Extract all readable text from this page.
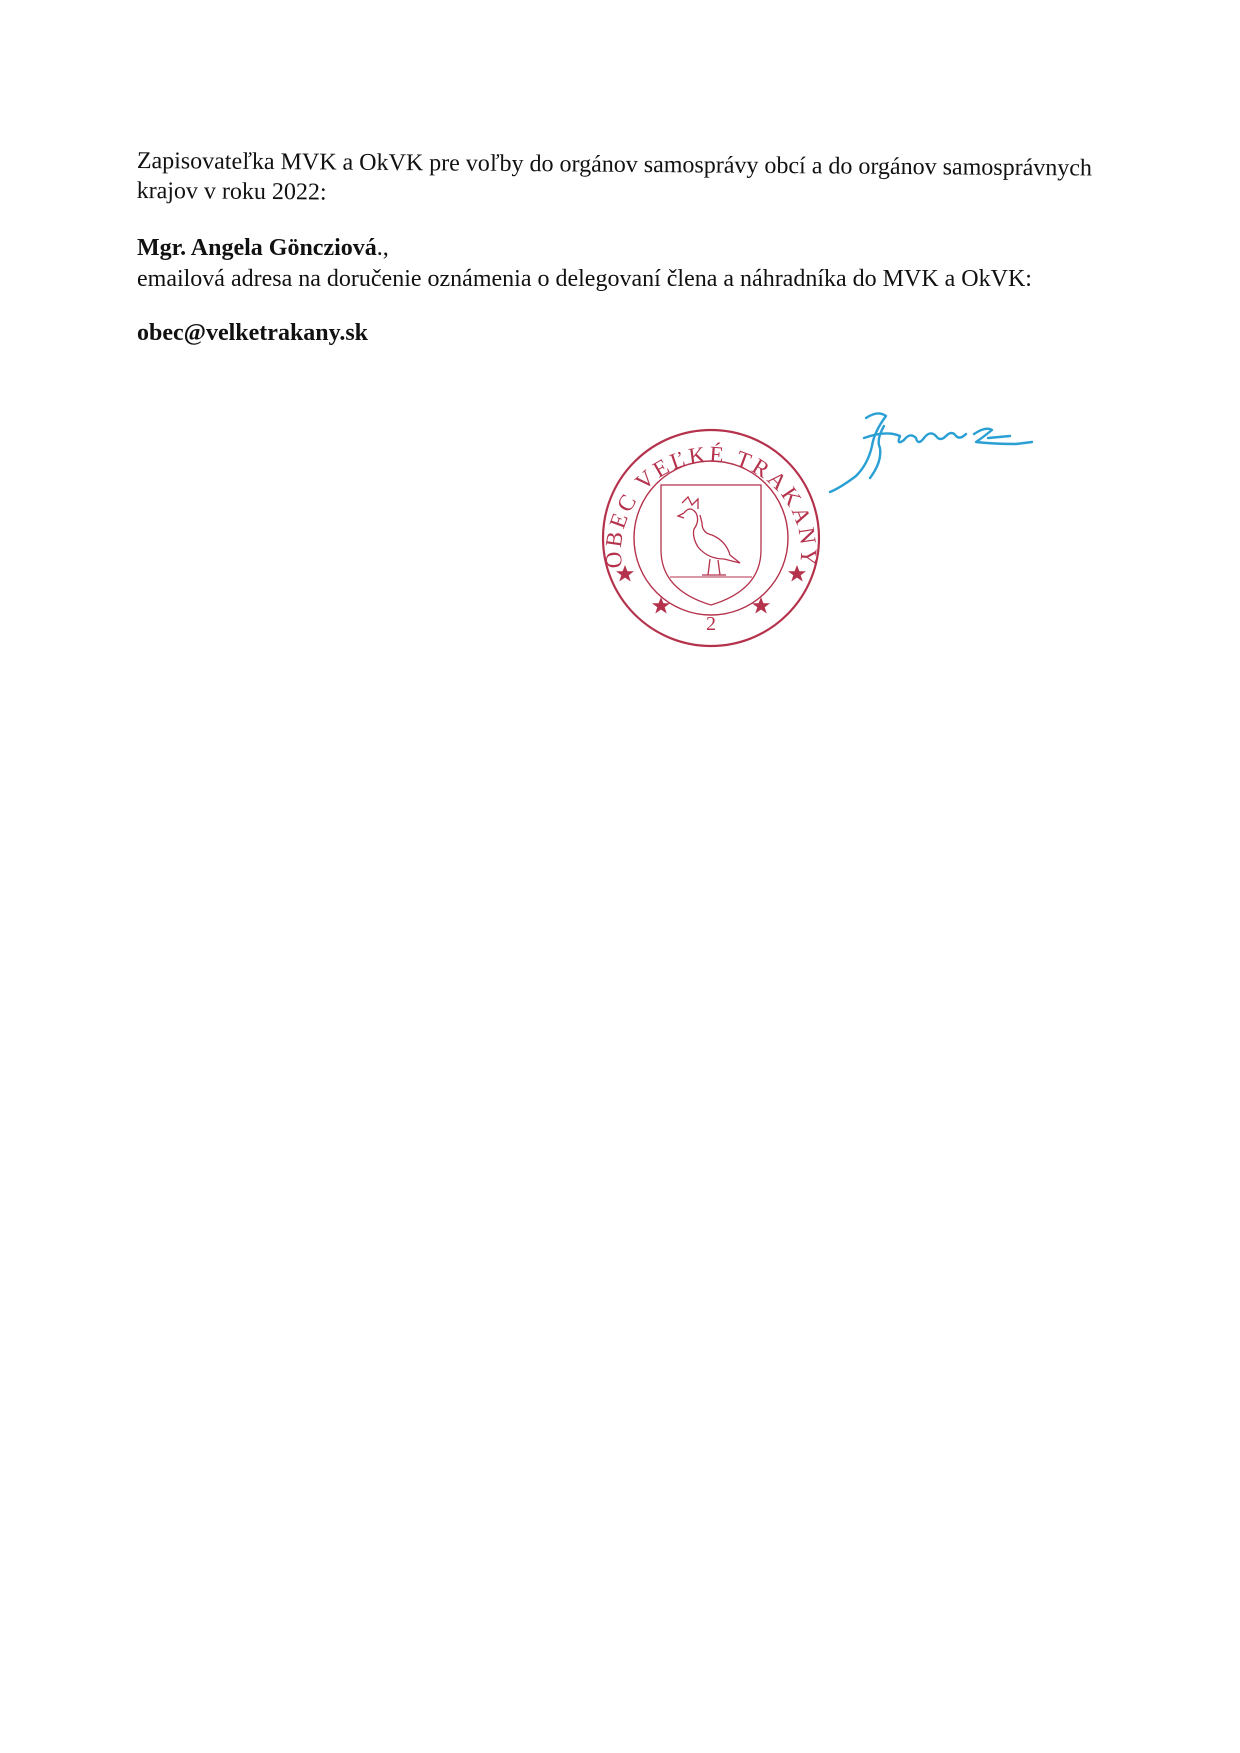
Zapisovateľka MVK a OkVK pre voľby do orgánov samosprávy obcí a do orgánov samosprávnych
krajov v roku 2022:
Mgr. Angela Göncziová.,
emailová adresa na doručenie oznámenia o delegovaní člena a náhradníka do MVK a OkVK:
obec@velketrakany.sk
OBEC VEĽKÉ TRAKANY
2
